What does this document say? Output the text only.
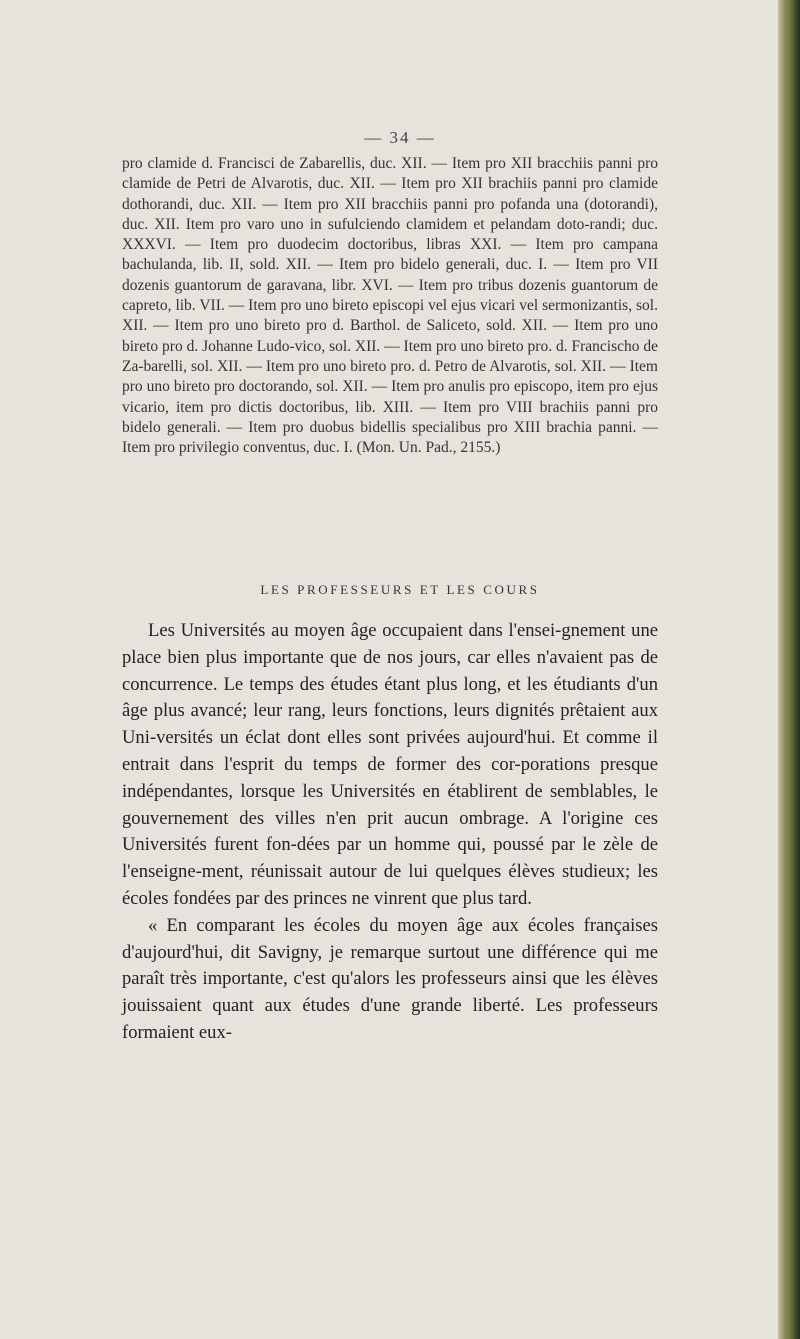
— 34 —

pro clamide d. Francisci de Zabarellis, duc. XII. — Item pro XII bracchiis panni pro clamide de Petri de Alvarotis, duc. XII. — Item pro XII brachiis panni pro clamide dothorandi, duc. XII. — Item pro XII bracchiis panni pro pofanda una (dotorandi), duc. XII. Item pro varo uno in sufulciendo clamidem et pelandam doto-randi; duc. XXXVI. — Item pro duodecim doctoribus, libras XXI. — Item pro campana bachulanda, lib. II, sold. XII. — Item pro bidelo generali, duc. I. — Item pro VII dozenis guantorum de garavana, libr. XVI. — Item pro tribus dozenis guantorum de capreto, lib. VII. — Item pro uno bireto episcopi vel ejus vicari vel sermonizantis, sol. XII. — Item pro uno bireto pro d. Barthol. de Saliceto, sold. XII. — Item pro uno bireto pro d. Johanne Ludo-vico, sol. XII. — Item pro uno bireto pro. d. Francischo de Za-barelli, sol. XII. — Item pro uno bireto pro. d. Petro de Alvarotis, sol. XII. — Item pro uno bireto pro doctorando, sol. XII. — Item pro anulis pro episcopo, item pro ejus vicario, item pro dictis doctoribus, lib. XIII. — Item pro VIII brachiis panni pro bidelo generali. — Item pro duobus bidellis specialibus pro XIII brachia panni. — Item pro privilegio conventus, duc. I. (Mon. Un. Pad., 2155.)

LES PROFESSEURS ET LES COURS

Les Universités au moyen âge occupaient dans l'ensei-gnement une place bien plus importante que de nos jours, car elles n'avaient pas de concurrence. Le temps des études étant plus long, et les étudiants d'un âge plus avancé; leur rang, leurs fonctions, leurs dignités prêtaient aux Uni-versités un éclat dont elles sont privées aujourd'hui. Et comme il entrait dans l'esprit du temps de former des cor-porations presque indépendantes, lorsque les Universités en établirent de semblables, le gouvernement des villes n'en prit aucun ombrage. A l'origine ces Universités furent fon-dées par un homme qui, poussé par le zèle de l'enseigne-ment, réunissait autour de lui quelques élèves studieux; les écoles fondées par des princes ne vinrent que plus tard.

« En comparant les écoles du moyen âge aux écoles françaises d'aujourd'hui, dit Savigny, je remarque surtout une différence qui me paraît très importante, c'est qu'alors les professeurs ainsi que les élèves jouissaient quant aux études d'une grande liberté. Les professeurs formaient eux-
